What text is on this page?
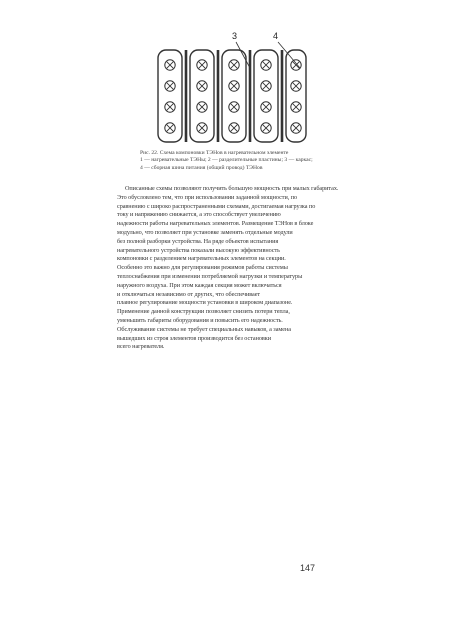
3	4
Рис. 22. Схема компоновки ТЭНов в нагревательном элементе
1 — нагревательные ТЭНы; 2 — разделительные пластины; 3 — каркас;
4 — сборная шина питания (общий провод) ТЭНов
Описанные схемы позволяют получить большую мощность при малых габаритах.
Это обусловлено тем, что при использовании заданной мощности, по
сравнению с широко распространенными схемами, достигаемая нагрузка по
току и напряжению снижается, а это способствует увеличению
надежности работы нагревательных элементов. Размещение ТЭНов в блоке
модульно, что позволяет при установке заменять отдельные модули
без полной разборки устройства. На ряде объектов испытания
нагревательного устройства показали высокую эффективность
компоновки с разделением нагревательных элементов на секции.
Особенно это важно для регулирования режимов работы системы
теплоснабжения при изменении потребляемой нагрузки и температуры
наружного воздуха. При этом каждая секция может включаться
и отключаться независимо от других, что обеспечивает
плавное регулирование мощности установки в широком диапазоне.
Применение данной конструкции позволяет снизить потери тепла,
уменьшить габариты оборудования и повысить его надежность.
Обслуживание системы не требует специальных навыков, а замена
вышедших из строя элементов производится без остановки
всего нагревателя.
147
